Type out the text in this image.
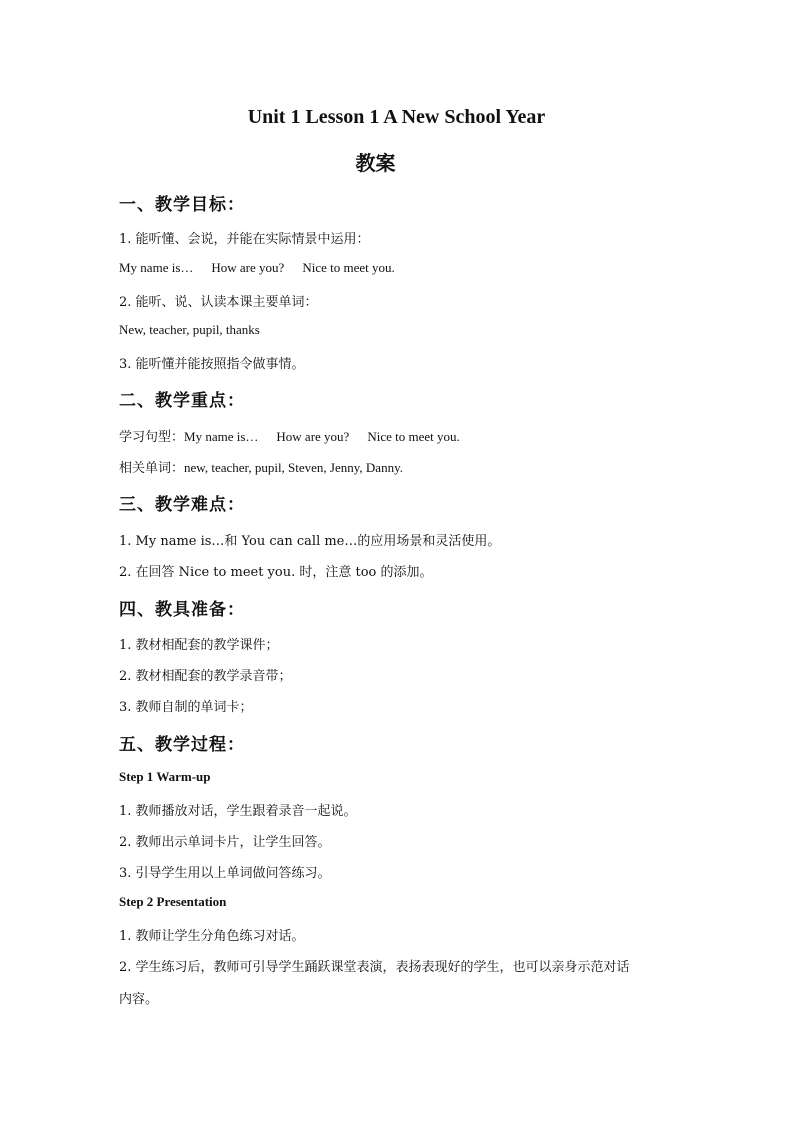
Unit 1 Lesson 1 A New School Year
教案
一、教学目标：

1. 能听懂、会说，并能在实际情景中运用：

My name is… How are you? Nice to meet you.

2. 能听、说、认读本课主要单词：

New, teacher, pupil, thanks

3. 能听懂并能按照指令做事情。

二、教学重点：

学习句型：My name is… How are you? Nice to meet you.

相关单词：new, teacher, pupil, Steven, Jenny, Danny.

三、教学难点：

1. My name is…和 You can call me…的应用场景和灵活使用。

2. 在回答 Nice to meet you. 时，注意 too 的添加。

四、教具准备：

1. 教材相配套的教学课件；

2. 教材相配套的教学录音带；

3. 教师自制的单词卡；

五、教学过程：

Step 1 Warm-up

1. 教师播放对话，学生跟着录音一起说。

2. 教师出示单词卡片，让学生回答。

3. 引导学生用以上单词做问答练习。

Step 2 Presentation

1. 教师让学生分角色练习对话。

2. 学生练习后，教师可引导学生踊跃课堂表演，表扬表现好的学生，也可以亲身示范对话

内容。
